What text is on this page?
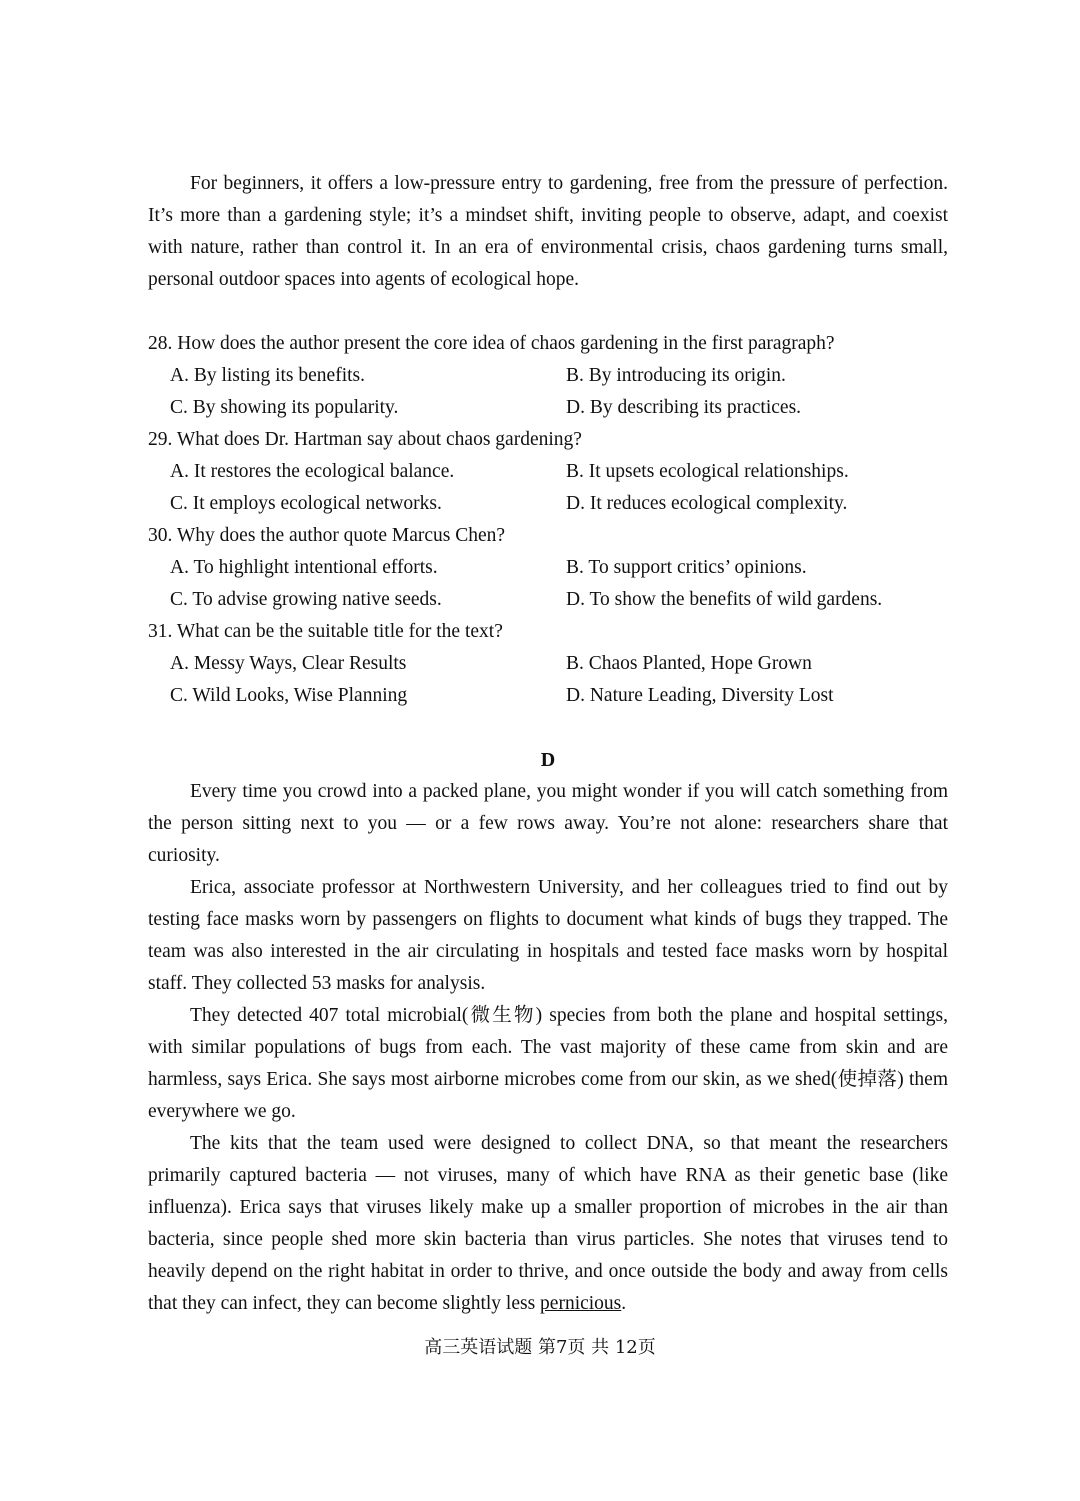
For beginners, it offers a low-pressure entry to gardening, free from the pressure of perfection. It’s more than a gardening style; it’s a mindset shift, inviting people to observe, adapt, and coexist with nature, rather than control it. In an era of environmental crisis, chaos gardening turns small, personal outdoor spaces into agents of ecological hope.

28. How does the author present the core idea of chaos gardening in the first paragraph?

A. By listing its benefits.	B. By introducing its origin.

C. By showing its popularity.	D. By describing its practices.

29. What does Dr. Hartman say about chaos gardening?

A. It restores the ecological balance.	B. It upsets ecological relationships.

C. It employs ecological networks.	D. It reduces ecological complexity.

30. Why does the author quote Marcus Chen?

A. To highlight intentional efforts.	B. To support critics’ opinions.

C. To advise growing native seeds.	D. To show the benefits of wild gardens.

31. What can be the suitable title for the text?

A. Messy Ways, Clear Results	B. Chaos Planted, Hope Grown

C. Wild Looks, Wise Planning	D. Nature Leading, Diversity Lost

D

Every time you crowd into a packed plane, you might wonder if you will catch something from the person sitting next to you — or a few rows away. You’re not alone: researchers share that curiosity.

Erica, associate professor at Northwestern University, and her colleagues tried to find out by testing face masks worn by passengers on flights to document what kinds of bugs they trapped. The team was also interested in the air circulating in hospitals and tested face masks worn by hospital staff. They collected 53 masks for analysis.

They detected 407 total microbial(微生物) species from both the plane and hospital settings, with similar populations of bugs from each. The vast majority of these came from skin and are harmless, says Erica. She says most airborne microbes come from our skin, as we shed(使掉落) them everywhere we go.

The kits that the team used were designed to collect DNA, so that meant the researchers primarily captured bacteria — not viruses, many of which have RNA as their genetic base (like influenza). Erica says that viruses likely make up a smaller proportion of microbes in the air than bacteria, since people shed more skin bacteria than virus particles. She notes that viruses tend to heavily depend on the right habitat in order to thrive, and once outside the body and away from cells that they can infect, they can become slightly less pernicious.

高三英语试题 第7页 共 12页
